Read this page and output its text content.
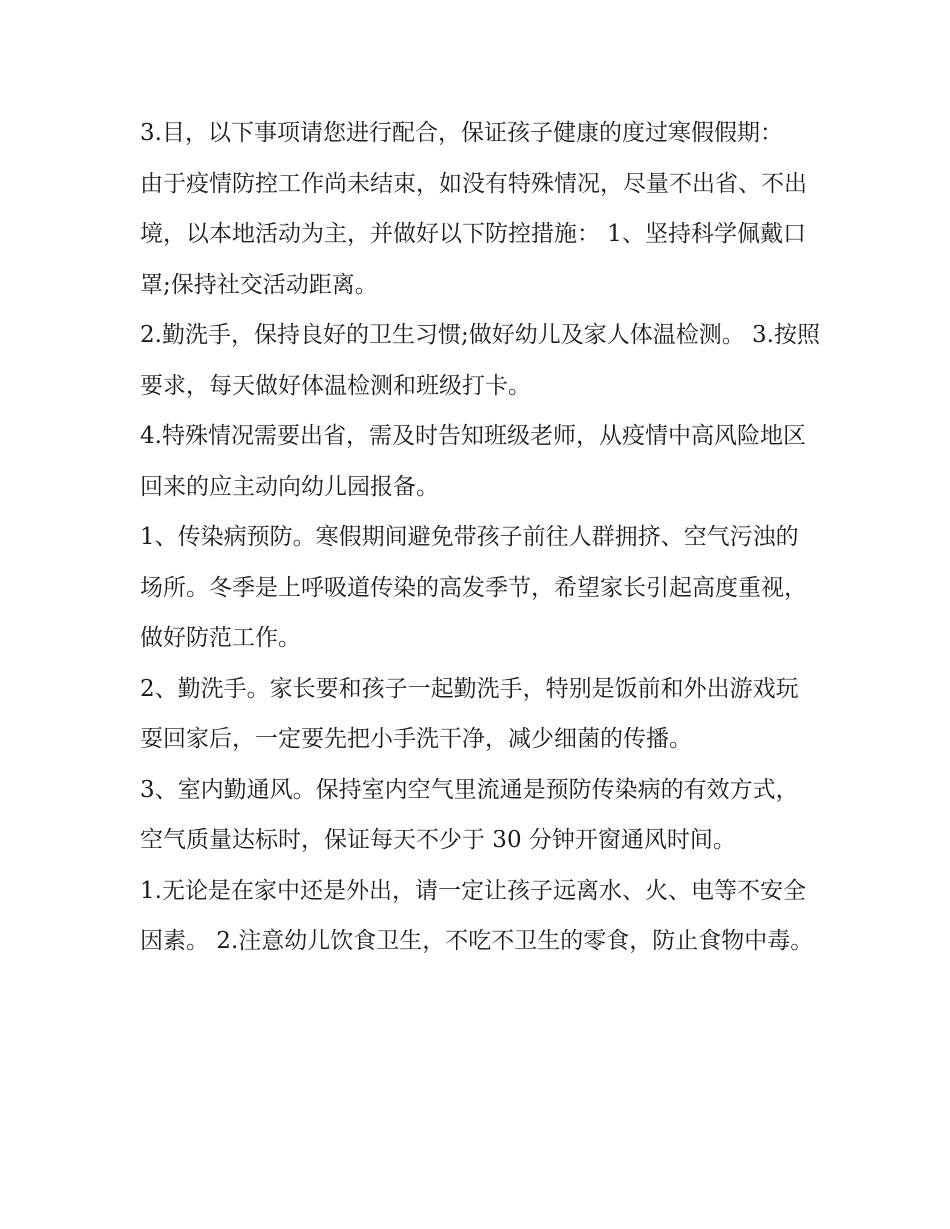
3.目，以下事项请您进行配合，保证孩子健康的度过寒假假期：

由于疫情防控工作尚未结束，如没有特殊情况，尽量不出省、不出境，以本地活动为主，并做好以下防控措施： 1、坚持科学佩戴口罩;保持社交活动距离。

2.勤洗手，保持良好的卫生习惯;做好幼儿及家人体温检测。 3.按照要求，每天做好体温检测和班级打卡。

4.特殊情况需要出省，需及时告知班级老师，从疫情中高风险地区回来的应主动向幼儿园报备。

1、传染病预防。寒假期间避免带孩子前往人群拥挤、空气污浊的场所。冬季是上呼吸道传染的高发季节，希望家长引起高度重视，做好防范工作。

2、勤洗手。家长要和孩子一起勤洗手，特别是饭前和外出游戏玩耍回家后，一定要先把小手洗干净，减少细菌的传播。

3、室内勤通风。保持室内空气里流通是预防传染病的有效方式，空气质量达标时，保证每天不少于 30 分钟开窗通风时间。

1.无论是在家中还是外出，请一定让孩子远离水、火、电等不安全因素。 2.注意幼儿饮食卫生，不吃不卫生的零食，防止食物中毒。
